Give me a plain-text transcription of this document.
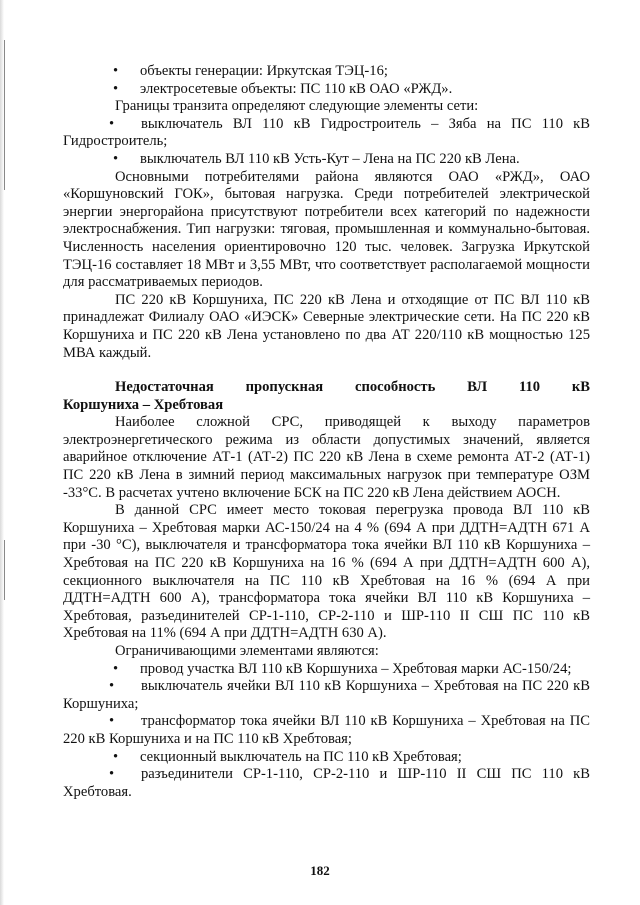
•	объекты генерации: Иркутская ТЭЦ-16;
•	электросетевые объекты: ПС 110 кВ ОАО «РЖД».

Границы транзита определяют следующие элементы сети:

• выключатель ВЛ 110 кВ Гидростроитель – Зяба на ПС 110 кВ Гидростроитель;

•	выключатель ВЛ 110 кВ Усть-Кут – Лена на ПС 220 кВ Лена.

Основными потребителями района являются ОАО «РЖД», ОАО «Коршуновский ГОК», бытовая нагрузка. Среди потребителей электрической энергии энергорайона присутствуют потребители всех категорий по надежности электроснабжения. Тип нагрузки: тяговая, промышленная и коммунально-бытовая. Численность населения ориентировочно 120 тыс. человек. Загрузка Иркутской ТЭЦ-16 составляет 18 МВт и 3,55 МВт, что соответствует располагаемой мощности для рассматриваемых периодов.

ПС 220 кВ Коршуниха, ПС 220 кВ Лена и отходящие от ПС ВЛ 110 кВ принадлежат Филиалу ОАО «ИЭСК» Северные электрические сети. На ПС 220 кВ Коршуниха и ПС 220 кВ Лена установлено по два АТ 220/110 кВ мощностью 125 МВА каждый.

Недостаточная пропускная способность ВЛ 110 кВ
Коршуниха – Хребтовая

Наиболее сложной СРС, приводящей к выходу параметров электроэнергетического режима из области допустимых значений, является аварийное отключение АТ-1 (АТ-2) ПС 220 кВ Лена в схеме ремонта АТ-2 (АТ-1) ПС 220 кВ Лена в зимний период максимальных нагрузок при температуре ОЗМ -33°С. В расчетах учтено включение БСК на ПС 220 кВ Лена действием АОСН.

В данной СРС имеет место токовая перегрузка провода ВЛ 110 кВ Коршуниха – Хребтовая марки АС-150/24 на 4 % (694 А при ДДТН=АДТН 671 А при -30 °С), выключателя и трансформатора тока ячейки ВЛ 110 кВ Коршуниха – Хребтовая на ПС 220 кВ Коршуниха на 16 % (694 А при ДДТН=АДТН 600 А), секционного выключателя на ПС 110 кВ Хребтовая на 16 % (694 А при ДДТН=АДТН 600 А), трансформатора тока ячейки ВЛ 110 кВ Коршуниха – Хребтовая, разъединителей СР-1-110, СР-2-110 и ШР-110 II СШ ПС 110 кВ Хребтовая на 11% (694 А при ДДТН=АДТН 630 А).

Ограничивающими элементами являются:

•	провод участка ВЛ 110 кВ Коршуниха – Хребтовая марки АС-150/24;

• выключатель ячейки ВЛ 110 кВ Коршуниха – Хребтовая на ПС 220 кВ Коршуниха;

• трансформатор тока ячейки ВЛ 110 кВ Коршуниха – Хребтовая на ПС 220 кВ Коршуниха и на ПС 110 кВ Хребтовая;

•	секционный выключатель на ПС 110 кВ Хребтовая;

• разъединители СР-1-110, СР-2-110 и ШР-110 II СШ ПС 110 кВ Хребтовая.

182
